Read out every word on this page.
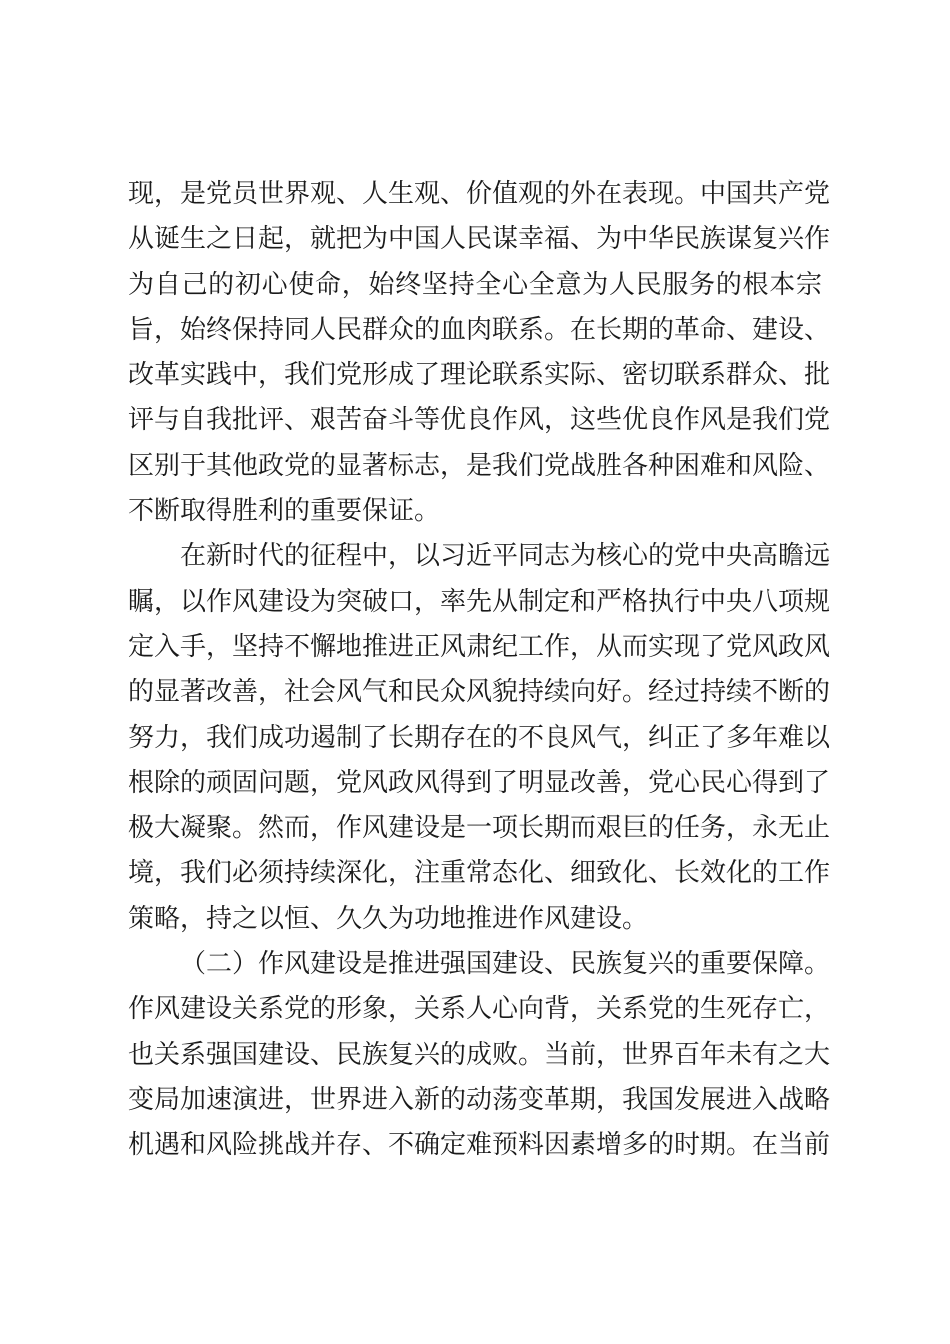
现，是党员世界观、人生观、价值观的外在表现。中国共产党
从诞生之日起，就把为中国人民谋幸福、为中华民族谋复兴作
为自己的初心使命，始终坚持全心全意为人民服务的根本宗
旨，始终保持同人民群众的血肉联系。在长期的革命、建设、
改革实践中，我们党形成了理论联系实际、密切联系群众、批
评与自我批评、艰苦奋斗等优良作风，这些优良作风是我们党
区别于其他政党的显著标志，是我们党战胜各种困难和风险、
不断取得胜利的重要保证。
在新时代的征程中，以习近平同志为核心的党中央高瞻远
瞩，以作风建设为突破口，率先从制定和严格执行中央八项规
定入手，坚持不懈地推进正风肃纪工作，从而实现了党风政风
的显著改善，社会风气和民众风貌持续向好。经过持续不断的
努力，我们成功遏制了长期存在的不良风气，纠正了多年难以
根除的顽固问题，党风政风得到了明显改善，党心民心得到了
极大凝聚。然而，作风建设是一项长期而艰巨的任务，永无止
境，我们必须持续深化，注重常态化、细致化、长效化的工作
策略，持之以恒、久久为功地推进作风建设。
（二）作风建设是推进强国建设、民族复兴的重要保障。
作风建设关系党的形象，关系人心向背，关系党的生死存亡，
也关系强国建设、民族复兴的成败。当前，世界百年未有之大
变局加速演进，世界进入新的动荡变革期，我国发展进入战略
机遇和风险挑战并存、不确定难预料因素增多的时期。在当前
